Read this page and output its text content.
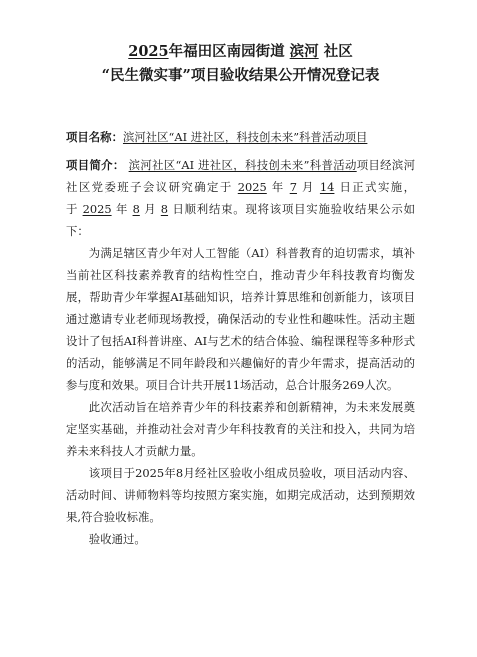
2025年福田区南园街道 滨河 社区
“民生微实事”项目验收结果公开情况登记表

项目名称：滨河社区“AI 进社区，科技创未来”科普活动项目

项目简介： 滨河社区“AI 进社区，科技创未来”科普活动项目经滨河社区党委班子会议研究确定于 2025 年 7 月 14 日正式实施，于 2025 年 8 月 8 日顺利结束。现将该项目实施验收结果公示如下：

为满足辖区青少年对人工智能（AI）科普教育的迫切需求，填补当前社区科技素养教育的结构性空白，推动青少年科技教育均衡发展，帮助青少年掌握AI基础知识，培养计算思维和创新能力，该项目通过邀请专业老师现场教授，确保活动的专业性和趣味性。活动主题设计了包括AI科普讲座、AI与艺术的结合体验、编程课程等多种形式的活动，能够满足不同年龄段和兴趣偏好的青少年需求，提高活动的参与度和效果。项目合计共开展11场活动，总合计服务269人次。

此次活动旨在培养青少年的科技素养和创新精神，为未来发展奠定坚实基础，并推动社会对青少年科技教育的关注和投入，共同为培养未来科技人才贡献力量。

该项目于2025年8月经社区验收小组成员验收，项目活动内容、活动时间、讲师物料等均按照方案实施，如期完成活动，达到预期效果,符合验收标准。

验收通过。
